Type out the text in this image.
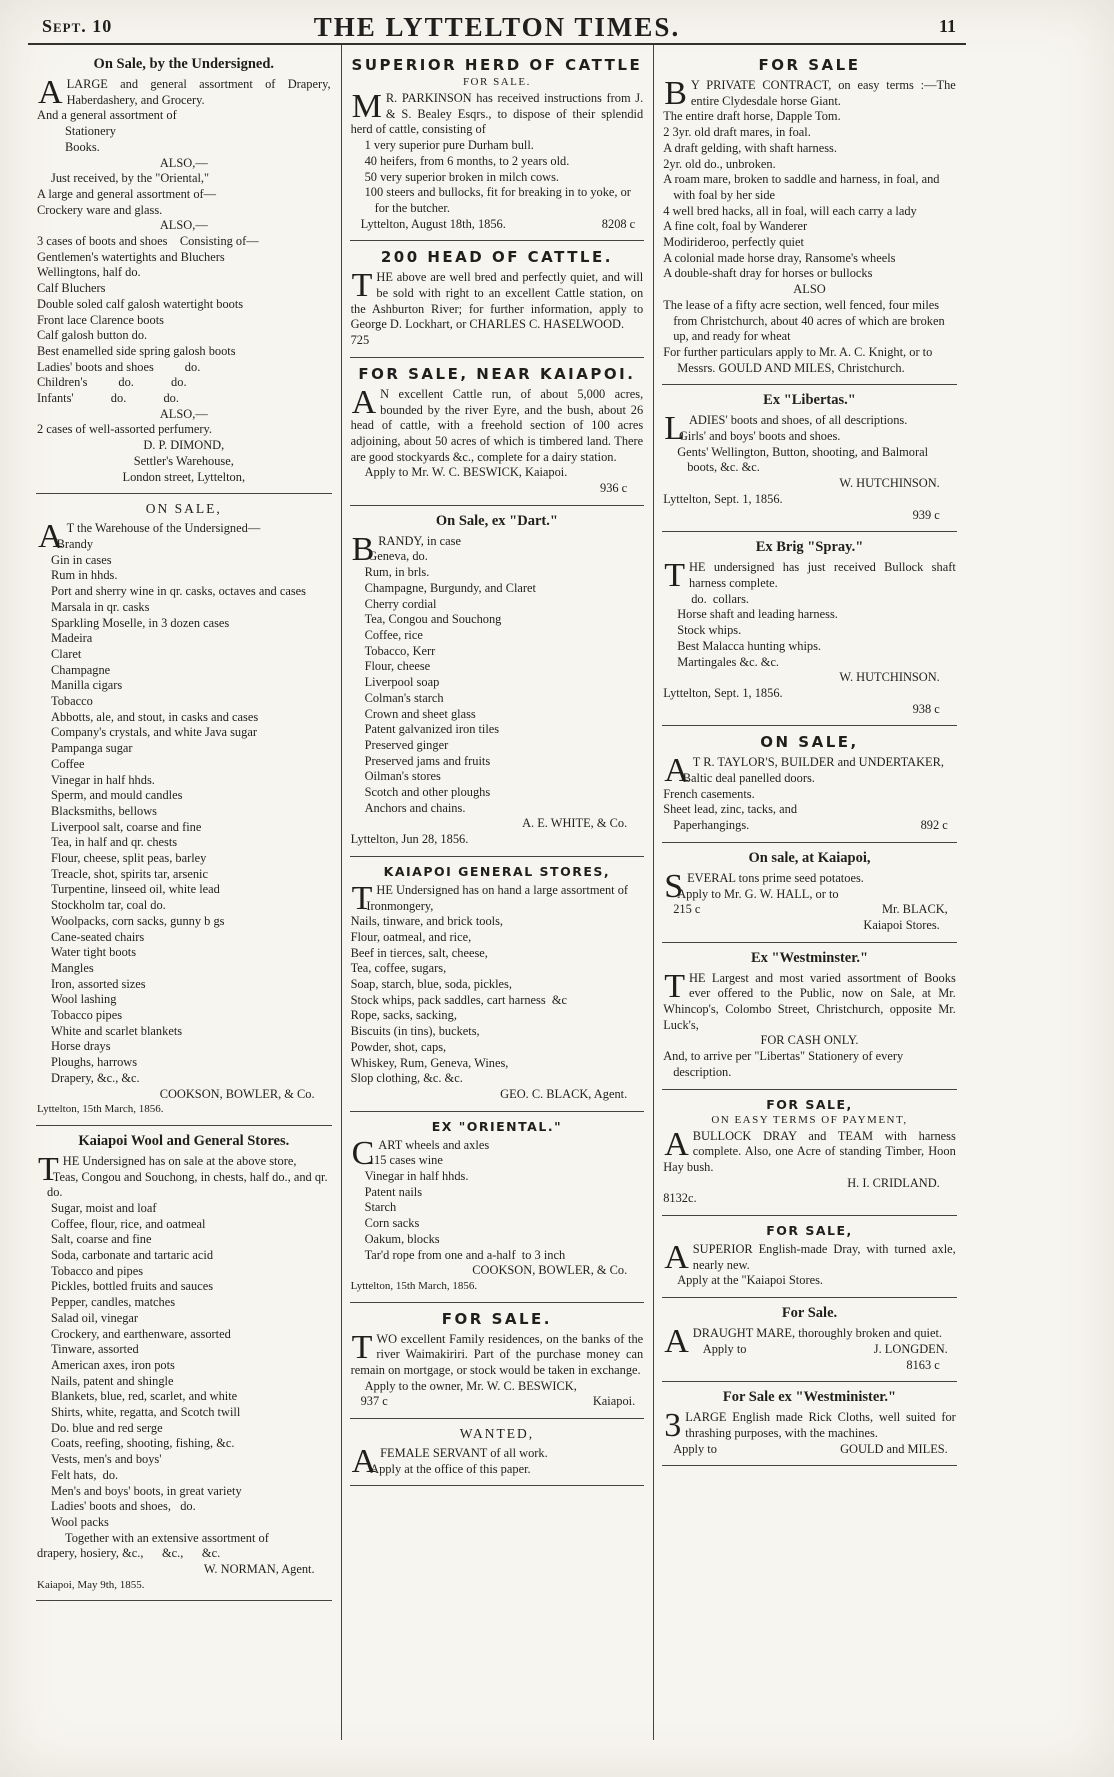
Sept. 10	THE LYTTELTON TIMES.	11
On Sale, by the Undersigned.
ALARGE and general assortment of Drapery, Haberdashery, and Grocery.
And a general assortment of
Stationery
Books.
ALSO,—
Just received, by the "Oriental,"
A large and general assortment of—
Crockery ware and glass.
ALSO,—
3 cases of boots and shoes    Consisting of—
Gentlemen's watertights and Bluchers
Wellingtons, half do.
Calf Bluchers
Double soled calf galosh watertight boots
Front lace Clarence boots
Calf galosh button do.
Best enamelled side spring galosh boots
Ladies' boots and shoes          do.
Children's          do.            do.
Infants'            do.            do.
ALSO,—
2 cases of well-assorted perfumery.
D. P. DIMOND,
Settler's Warehouse,
London street, Lyttelton,
ON SALE,
A T the Warehouse of the Undersigned—
Brandy
Gin in cases
Rum in hhds.
Port and sherry wine in qr. casks, octaves and cases
Marsala in qr. casks
Sparkling Moselle, in 3 dozen cases
Madeira
Claret
Champagne
Manilla cigars
Tobacco
Abbotts, ale, and stout, in casks and cases
Company's crystals, and white Java sugar
Pampanga sugar
Coffee
Vinegar in half hhds.
Sperm, and mould candles
Blacksmiths, bellows
Liverpool salt, coarse and fine
Tea, in half and qr. chests
Flour, cheese, split peas, barley
Treacle, shot, spirits tar, arsenic
Turpentine, linseed oil, white lead
Stockholm tar, coal do.
Woolpacks, corn sacks, gunny b gs
Cane-seated chairs
Water tight boots
Mangles
Iron, assorted sizes
Wool lashing
Tobacco pipes
White and scarlet blankets
Horse drays
Ploughs, harrows
Drapery, &c., &c.
COOKSON, BOWLER, & Co.
Lyttelton, 15th March, 1856.
Kaiapoi Wool and General Stores.
THE Undersigned has on sale at the above store,
Teas, Congou and Souchong, in chests, half do., and qr. do.
Sugar, moist and loaf
Coffee, flour, rice, and oatmeal
Salt, coarse and fine
Soda, carbonate and tartaric acid
Tobacco and pipes
Pickles, bottled fruits and sauces
Pepper, candles, matches
Salad oil, vinegar
Crockery, and earthenware, assorted
Tinware, assorted
American axes, iron pots
Nails, patent and shingle
Blankets, blue, red, scarlet, and white
Shirts, white, regatta, and Scotch twill
Do. blue and red serge
Coats, reefing, shooting, fishing, &c.
Vests, men's and boys'
Felt hats,  do.
Men's and boys' boots, in great variety
Ladies' boots and shoes,   do.
Wool packs
Together with an extensive assortment of
drapery, hosiery, &c.,      &c.,      &c.
W. NORMAN, Agent.
Kaiapoi, May 9th, 1855.
SUPERIOR HERD OF CATTLE
FOR SALE.
M R. PARKINSON has received instructions from J. & S. Bealey Esqrs., to dispose of their splendid herd of cattle, consisting of
1 very superior pure Durham bull.
40 heifers, from 6 months, to 2 years old.
50 very superior broken in milch cows.
100 steers and bullocks, fit for breaking in to yoke, or for the butcher.
Lyttelton, August 18th, 1856.	8208 c
200 HEAD OF CATTLE.
THE above are well bred and perfectly quiet, and will be sold with right to an excellent Cattle station, on the Ashburton River; for further information, apply to George D. Lockhart, or CHARLES C. HASELWOOD.
725
FOR SALE, NEAR KAIAPOI.
A N excellent Cattle run, of about 5,000 acres, bounded by the river Eyre, and the bush, about 26 head of cattle, with a freehold section of 100 acres adjoining, about 50 acres of which is timbered land. There are good stockyards &c., complete for a dairy station.
Apply to Mr. W. C. BESWICK, Kaiapoi.
936 c
On Sale, ex "Dart."
BRANDY, in case
Geneva, do.
Rum, in brls.
Champagne, Burgundy, and Claret
Cherry cordial
Tea, Congou and Souchong
Coffee, rice
Tobacco, Kerr
Flour, cheese
Liverpool soap
Colman's starch
Crown and sheet glass
Patent galvanized iron tiles
Preserved ginger
Preserved jams and fruits
Oilman's stores
Scotch and other ploughs
Anchors and chains.
A. E. WHITE, & Co.
Lyttelton, Jun 28, 1856.
KAIAPOI GENERAL STORES,
THE Undersigned has on hand a large assortment of
Ironmongery,
Nails, tinware, and brick tools,
Flour, oatmeal, and rice,
Beef in tierces, salt, cheese,
Tea, coffee, sugars,
Soap, starch, blue, soda, pickles,
Stock whips, pack saddles, cart harness  &c
Rope, sacks, sacking,
Biscuits (in tins), buckets,
Powder, shot, caps,
Whiskey, Rum, Geneva, Wines,
Slop clothing, &c. &c.
GEO. C. BLACK, Agent.
EX "ORIENTAL."
CART wheels and axles
115 cases wine
Vinegar in half hhds.
Patent nails
Starch
Corn sacks
Oakum, blocks
Tar'd rope from one and a-half  to 3 inch
COOKSON, BOWLER, & Co.
Lyttelton, 15th March, 1856.
FOR SALE.
TWO excellent Family residences, on the banks of the river Waimakiriri. Part of the purchase money can remain on mortgage, or stock would be taken in exchange.
Apply to the owner, Mr. W. C. BESWICK,
937 c	Kaiapoi.
WANTED,
AFEMALE SERVANT of all work.
Apply at the office of this paper.
FOR SALE
B Y PRIVATE CONTRACT, on easy terms :—The entire Clydesdale horse Giant.
The entire draft horse, Dapple Tom.
2 3yr. old draft mares, in foal.
A draft gelding, with shaft harness.
2yr. old do., unbroken.
A roam mare, broken to saddle and harness, in foal, and with foal by her side
4 well bred hacks, all in foal, will each carry a lady
A fine colt, foal by Wanderer
Modirideroo, perfectly quiet
A colonial made horse dray, Ransome's wheels
A double-shaft dray for horses or bullocks
ALSO
The lease of a fifty acre section, well fenced, four miles from Christchurch, about 40 acres of which are broken up, and ready for wheat
For further particulars apply to Mr. A. C. Knight, or to
Messrs. GOULD AND MILES, Christchurch.
Ex "Libertas."
LADIES' boots and shoes, of all descriptions.
Girls' and boys' boots and shoes.
Gents' Wellington, Button, shooting, and Balmoral boots, &c. &c.
W. HUTCHINSON.
Lyttelton, Sept. 1, 1856.
939 c
Ex Brig "Spray."
THE undersigned has just received Bullock shaft harness complete.
do.  collars.
Horse shaft and leading harness.
Stock whips.
Best Malacca hunting whips.
Martingales &c. &c.
W. HUTCHINSON.
Lyttelton, Sept. 1, 1856.
938 c
ON SALE,
A T R. TAYLOR'S, BUILDER and UNDERTAKER,
Baltic deal panelled doors.
French casements.
Sheet lead, zinc, tacks, and
Paperhangings.	892 c
On sale, at Kaiapoi,
SEVERAL tons prime seed potatoes.
Apply to Mr. G. W. HALL, or to
215 c	Mr. BLACK,
Kaiapoi Stores.
Ex "Westminster."
THE Largest and most varied assortment of Books ever offered to the Public, now on Sale, at Mr. Whincop's, Colombo Street, Christchurch, opposite Mr. Luck's,
FOR CASH ONLY.
And, to arrive per "Libertas" Stationery of every description.
FOR SALE,
ON EASY TERMS OF PAYMENT,
ABULLOCK DRAY and TEAM with harness complete. Also, one Acre of standing Timber, Hoon Hay bush.
H. I. CRIDLAND.
8132c.
FOR SALE,
ASUPERIOR English-made Dray, with turned axle, nearly new.
Apply at the "Kaiapoi Stores.
For Sale.
ADRAUGHT MARE, thoroughly broken and quiet.
Apply to	J. LONGDEN.
8163 c
For Sale ex "Westminister."
3 LARGE English made Rick Cloths, well suited for thrashing purposes, with the machines.
Apply to	GOULD and MILES.
